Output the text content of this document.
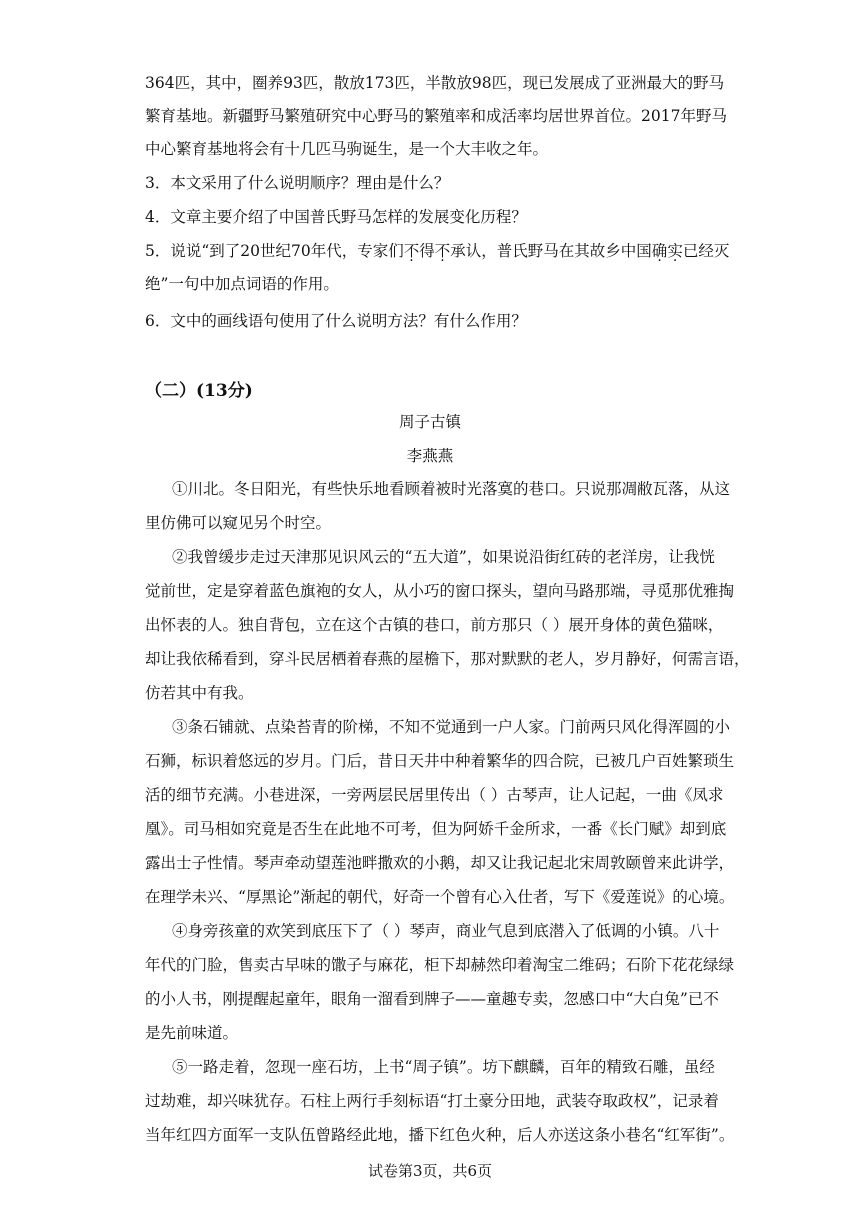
364匹，其中，圈养93匹，散放173匹，半散放98匹，现已发展成了亚洲最大的野马
繁育基地。新疆野马繁殖研究中心野马的繁殖率和成活率均居世界首位。2017年野马
中心繁育基地将会有十几匹马驹诞生，是一个大丰收之年。
3．本文采用了什么说明顺序？理由是什么？
4．文章主要介绍了中国普氏野马怎样的发展变化历程？
5．说说“到了20世纪70年代，专家们不得不承认，普氏野马在其故乡中国确实已经灭
绝”一句中加点词语的作用。
6．文中的画线语句使用了什么说明方法？有什么作用？
（二）(13分)
周子古镇
李燕燕
①川北。冬日阳光，有些快乐地看顾着被时光落寞的巷口。只说那凋敝瓦落，从这
里仿佛可以窥见另个时空。
②我曾缓步走过天津那见识风云的“五大道”，如果说沿街红砖的老洋房，让我恍
觉前世，定是穿着蓝色旗袍的女人，从小巧的窗口探头，望向马路那端，寻觅那优雅掏
出怀表的人。独自背包，立在这个古镇的巷口，前方那只（ ）展开身体的黄色猫咪，
却让我依稀看到，穿斗民居栖着春燕的屋檐下，那对默默的老人，岁月静好，何需言语，
仿若其中有我。
③条石铺就、点染苔青的阶梯，不知不觉通到一户人家。门前两只风化得浑圆的小
石狮，标识着悠远的岁月。门后，昔日天井中种着繁华的四合院，已被几户百姓繁琐生
活的细节充满。小巷进深，一旁两层民居里传出（ ）古琴声，让人记起，一曲《凤求
凰》。司马相如究竟是否生在此地不可考，但为阿娇千金所求，一番《长门赋》却到底
露出士子性情。琴声牵动望莲池畔撒欢的小鹅，却又让我记起北宋周敦颐曾来此讲学，
在理学未兴、“厚黑论”渐起的朝代，好奇一个曾有心入仕者，写下《爱莲说》的心境。
④身旁孩童的欢笑到底压下了（ ）琴声，商业气息到底潜入了低调的小镇。八十
年代的门脸，售卖古早味的馓子与麻花，柜下却赫然印着淘宝二维码；石阶下花花绿绿
的小人书，刚提醒起童年，眼角一溜看到牌子——童趣专卖，忽感口中“大白兔”已不
是先前味道。
⑤一路走着，忽现一座石坊，上书“周子镇”。坊下麒麟，百年的精致石雕，虽经
过劫难，却兴味犹存。石柱上两行手刻标语“打土豪分田地，武装夺取政权”，记录着
当年红四方面军一支队伍曾路经此地，播下红色火种，后人亦送这条小巷名“红军街”。
试卷第3页，共6页
